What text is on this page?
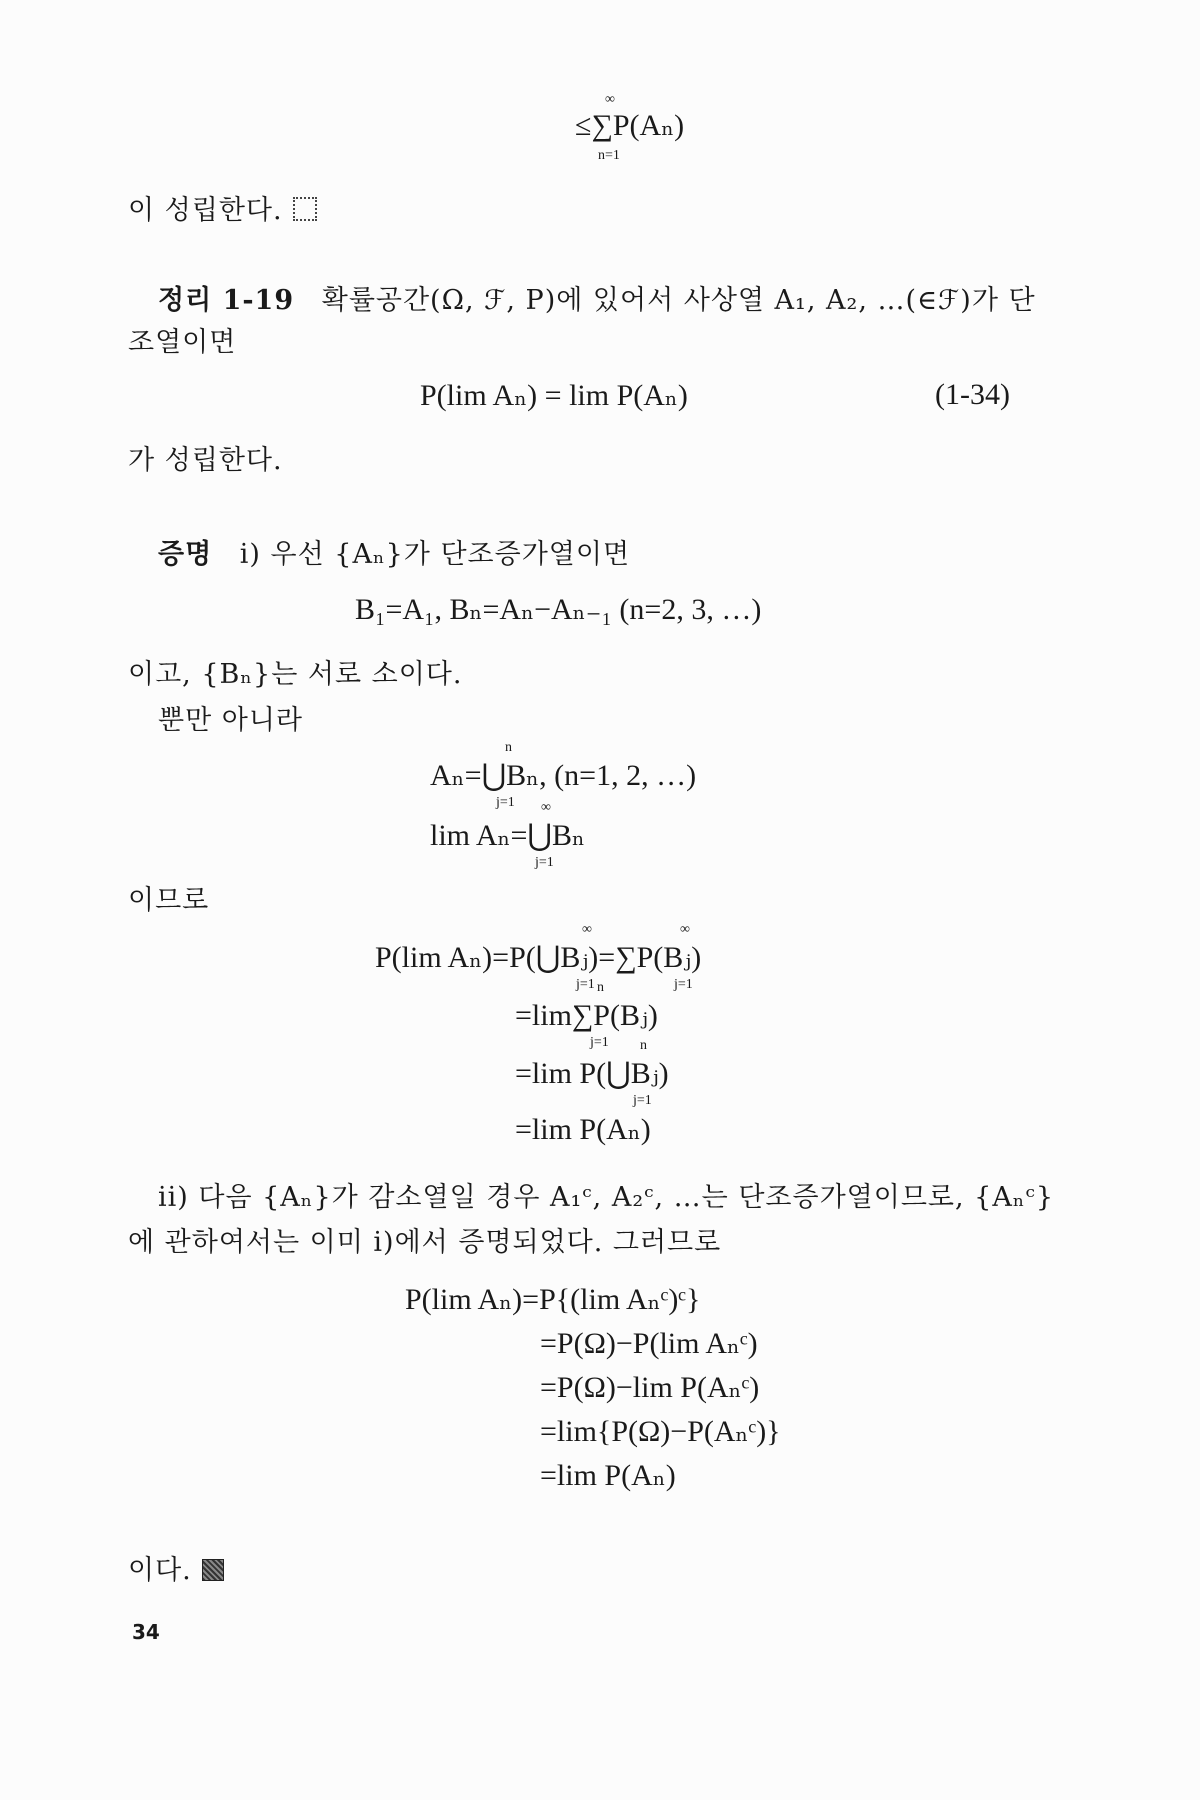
≤∑P(Aₙ)
∞
n=1
이 성립한다.
정리 1-19 확률공간(Ω, ℱ, P)에 있어서 사상열 A₁, A₂, …(∈ℱ)가 단
조열이면
P(lim Aₙ) = lim P(Aₙ)	(1-34)
가 성립한다.
증명 i) 우선 {Aₙ}가 단조증가열이면
B₁=A₁, Bₙ=Aₙ−Aₙ₋₁ (n=2, 3, …)
이고, {Bₙ}는 서로 소이다.
뿐만 아니라
Aₙ=⋃Bₙ, (n=1, 2, …)
n
j=1
lim Aₙ=⋃Bₙ
∞
j=1
이므로
P(lim Aₙ)=P(⋃Bⱼ)=∑P(Bⱼ)
∞
j=1
∞
j=1
=lim∑P(Bⱼ)
n
j=1
=lim P(⋃Bⱼ)
n
j=1
=lim P(Aₙ)
ii) 다음 {Aₙ}가 감소열일 경우 A₁ᶜ, A₂ᶜ, …는 단조증가열이므로, {Aₙᶜ}
에 관하여서는 이미 i)에서 증명되었다. 그러므로
P(lim Aₙ)=P{(lim Aₙᶜ)ᶜ}
=P(Ω)−P(lim Aₙᶜ)
=P(Ω)−lim P(Aₙᶜ)
=lim{P(Ω)−P(Aₙᶜ)}
=lim P(Aₙ)
이다.
34
